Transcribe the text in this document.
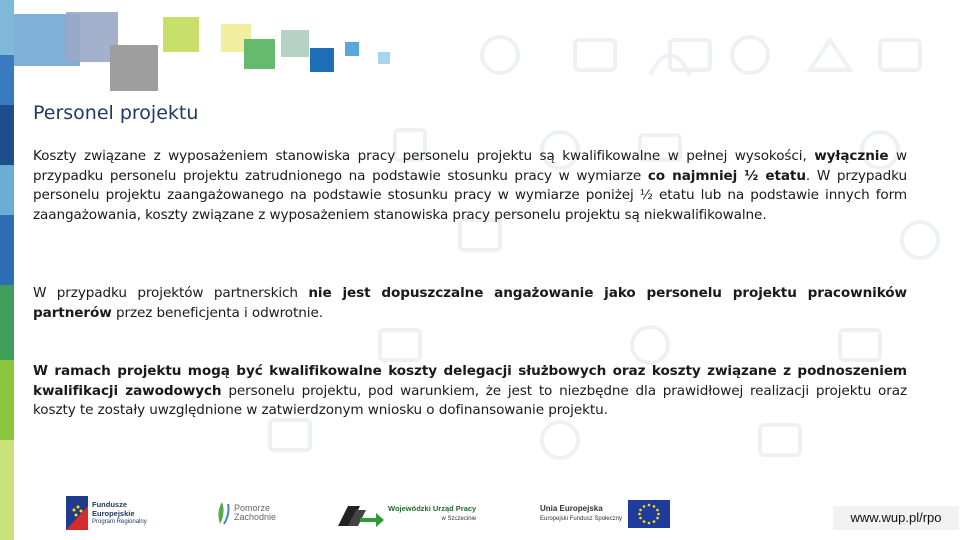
Personel projektu

Koszty związane z wyposażeniem stanowiska pracy personelu projektu są kwalifikowalne w pełnej wysokości, wyłącznie w przypadku personelu projektu zatrudnionego na podstawie stosunku pracy w wymiarze co najmniej ½ etatu. W przypadku personelu projektu zaangażowanego na podstawie stosunku pracy w wymiarze poniżej ½ etatu lub na podstawie innych form zaangażowania, koszty związane z wyposażeniem stanowiska pracy personelu projektu są niekwalifikowalne.

W przypadku projektów partnerskich nie jest dopuszczalne angażowanie jako personelu projektu pracowników partnerów przez beneficjenta i odwrotnie.

W ramach projektu mogą być kwalifikowalne koszty delegacji służbowych oraz koszty związane z podnoszeniem kwalifikacji zawodowych personelu projektu, pod warunkiem, że jest to niezbędne dla prawidłowej realizacji projektu oraz koszty te zostały uwzględnione w zatwierdzonym wniosku o dofinansowanie projektu.

Fundusze
Europejskie
Program Regionalny
Pomorze
Zachodnie
Wojewódzki Urząd Pracy
w Szczecinie
Unia Europejska
Europejski Fundusz Społeczny	www.wup.pl/rpo
